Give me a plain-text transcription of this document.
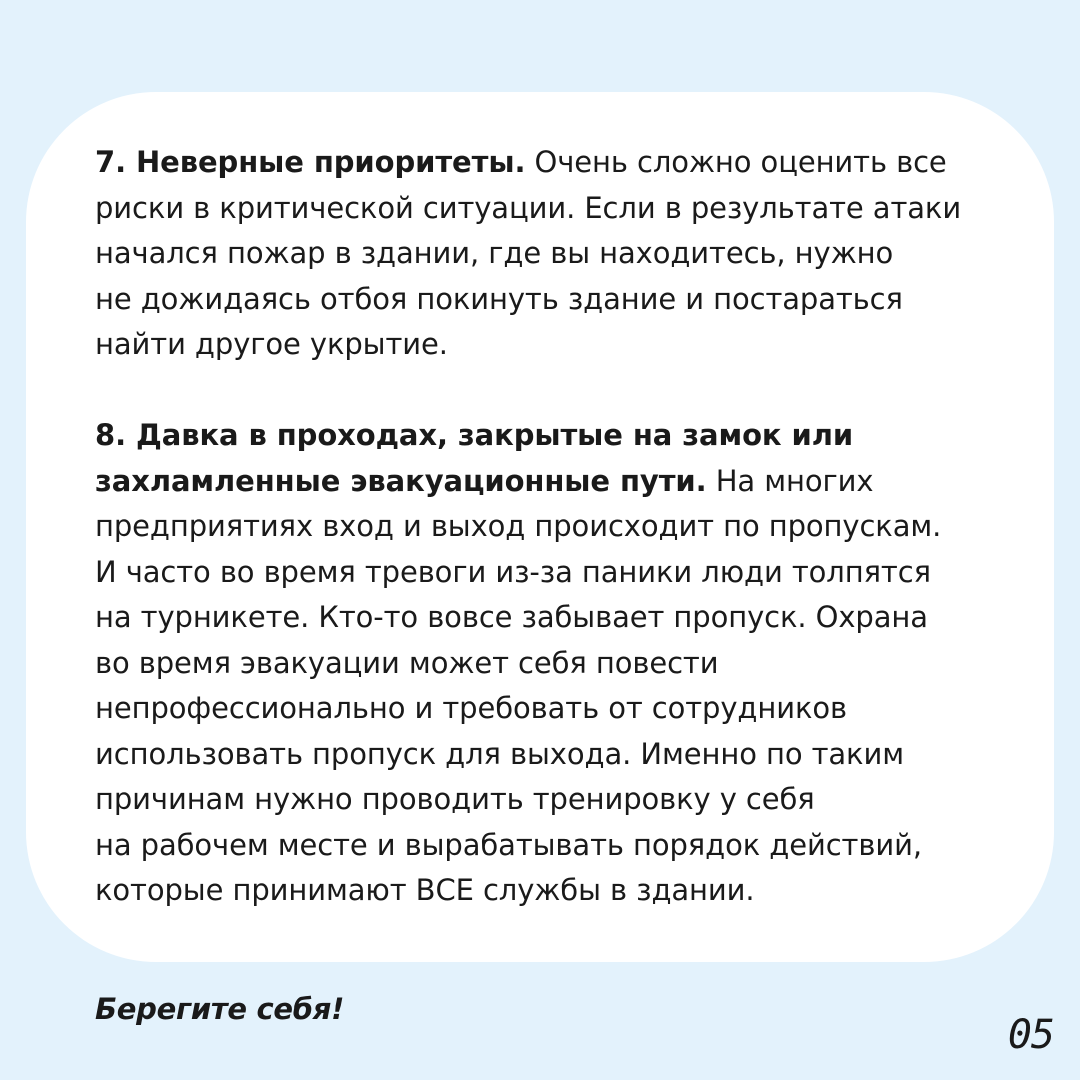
7. Неверные приоритеты. Очень сложно оценить все
риски в критической ситуации. Если в результате атаки
начался пожар в здании, где вы находитесь, нужно
не дожидаясь отбоя покинуть здание и постараться
найти другое укрытие.

8. Давка в проходах, закрытые на замок или
захламленные эвакуационные пути. На многих
предприятиях вход и выход происходит по пропускам.
И часто во время тревоги из-за паники люди толпятся
на турникете. Кто-то вовсе забывает пропуск. Охрана
во время эвакуации может себя повести
непрофессионально и требовать от сотрудников
использовать пропуск для выхода. Именно по таким
причинам нужно проводить тренировку у себя
на рабочем месте и вырабатывать порядок действий,
которые принимают ВСЕ службы в здании.

Берегите себя!
05
